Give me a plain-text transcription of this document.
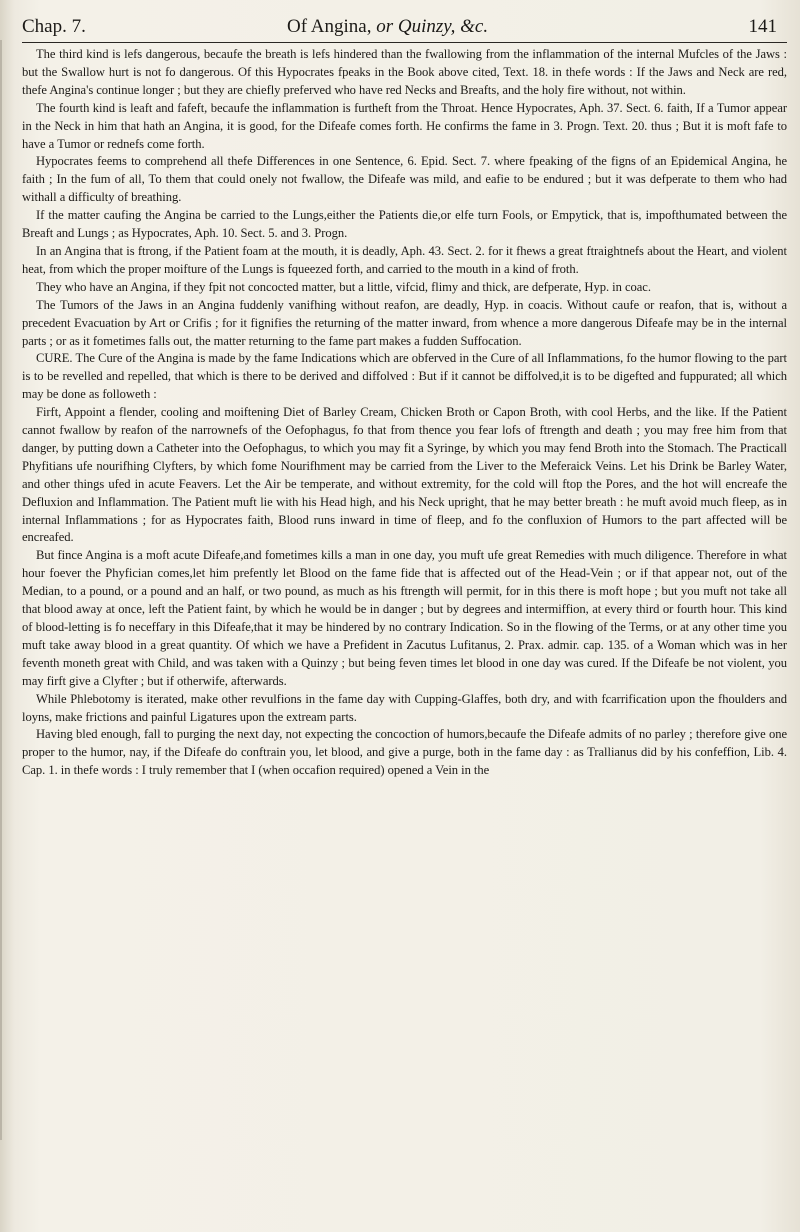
Chap. 7.	Of Angina, or Quinzy, &c.	141

The third kind is lefs dangerous, becaufe the breath is lefs hindered than the fwallowing from the inflammation of the internal Mufcles of the Jaws : but the Swallow hurt is not fo dangerous. Of this Hypocrates fpeaks in the Book above cited, Text. 18. in thefe words : If the Jaws and Neck are red, thefe Angina's continue longer ; but they are chiefly preferved who have red Necks and Breafts, and the holy fire without, not within.

The fourth kind is leaft and fafeft, becaufe the inflammation is furtheft from the Throat. Hence Hypocrates, Aph. 37. Sect. 6. faith, If a Tumor appear in the Neck in him that hath an Angina, it is good, for the Difeafe comes forth. He confirms the fame in 3. Progn. Text. 20. thus ; But it is moft fafe to have a Tumor or rednefs come forth.

Hypocrates feems to comprehend all thefe Differences in one Sentence, 6. Epid. Sect. 7. where fpeaking of the figns of an Epidemical Angina, he faith ; In the fum of all, To them that could onely not fwallow, the Difeafe was mild, and eafie to be endured ; but it was defperate to them who had withall a difficulty of breathing.

If the matter caufing the Angina be carried to the Lungs,either the Patients die,or elfe turn Fools, or Empytick, that is, impofthumated between the Breaft and Lungs ; as Hypocrates, Aph. 10. Sect. 5. and 3. Progn.

In an Angina that is ftrong, if the Patient foam at the mouth, it is deadly, Aph. 43. Sect. 2. for it fhews a great ftraightnefs about the Heart, and violent heat, from which the proper moifture of the Lungs is fqueezed forth, and carried to the mouth in a kind of froth.

They who have an Angina, if they fpit not concocted matter, but a little, vifcid, flimy and thick, are defperate, Hyp. in coac.

The Tumors of the Jaws in an Angina fuddenly vanifhing without reafon, are deadly, Hyp. in coacis. Without caufe or reafon, that is, without a precedent Evacuation by Art or Crifis ; for it fignifies the returning of the matter inward, from whence a more dangerous Difeafe may be in the internal parts ; or as it fometimes falls out, the matter returning to the fame part makes a fudden Suffocation.

CURE. The Cure of the Angina is made by the fame Indications which are obferved in the Cure of all Inflammations, fo the humor flowing to the part is to be revelled and repelled, that which is there to be derived and diffolved : But if it cannot be diffolved,it is to be digefted and fuppurated; all which may be done as followeth :

Firft, Appoint a flender, cooling and moiftening Diet of Barley Cream, Chicken Broth or Capon Broth, with cool Herbs, and the like. If the Patient cannot fwallow by reafon of the narrownefs of the Oefophagus, fo that from thence you fear lofs of ftrength and death ; you may free him from that danger, by putting down a Catheter into the Oefophagus, to which you may fit a Syringe, by which you may fend Broth into the Stomach. The Practicall Phyfitians ufe nourifhing Clyfters, by which fome Nourifhment may be carried from the Liver to the Meferaick Veins. Let his Drink be Barley Water, and other things ufed in acute Feavers. Let the Air be temperate, and without extremity, for the cold will ftop the Pores, and the hot will encreafe the Defluxion and Inflammation. The Patient muft lie with his Head high, and his Neck upright, that he may better breath : he muft avoid much fleep, as in internal Inflammations ; for as Hypocrates faith, Blood runs inward in time of fleep, and fo the confluxion of Humors to the part affected will be encreafed.

But fince Angina is a moft acute Difeafe,and fometimes kills a man in one day, you muft ufe great Remedies with much diligence. Therefore in what hour foever the Phyfician comes,let him prefently let Blood on the fame fide that is affected out of the Head-Vein ; or if that appear not, out of the Median, to a pound, or a pound and an half, or two pound, as much as his ftrength will permit, for in this there is moft hope ; but you muft not take all that blood away at once, left the Patient faint, by which he would be in danger ; but by degrees and intermiffion, at every third or fourth hour. This kind of blood-letting is fo neceffary in this Difeafe,that it may be hindered by no contrary Indication. So in the flowing of the Terms, or at any other time you muft take away blood in a great quantity. Of which we have a Prefident in Zacutus Lufitanus, 2. Prax. admir. cap. 135. of a Woman which was in her feventh moneth great with Child, and was taken with a Quinzy ; but being feven times let blood in one day was cured. If the Difeafe be not violent, you may firft give a Clyfter ; but if otherwife, afterwards.

While Phlebotomy is iterated, make other revulfions in the fame day with Cupping-Glaffes, both dry, and with fcarrification upon the fhoulders and loyns, make frictions and painful Ligatures upon the extream parts.

Having bled enough, fall to purging the next day, not expecting the concoction of humors,becaufe the Difeafe admits of no parley ; therefore give one proper to the humor, nay, if the Difeafe do conftrain you, let blood, and give a purge, both in the fame day : as Trallianus did by his confeffion, Lib. 4. Cap. 1. in thefe words : I truly remember that I (when occafion required) opened a Vein in the
